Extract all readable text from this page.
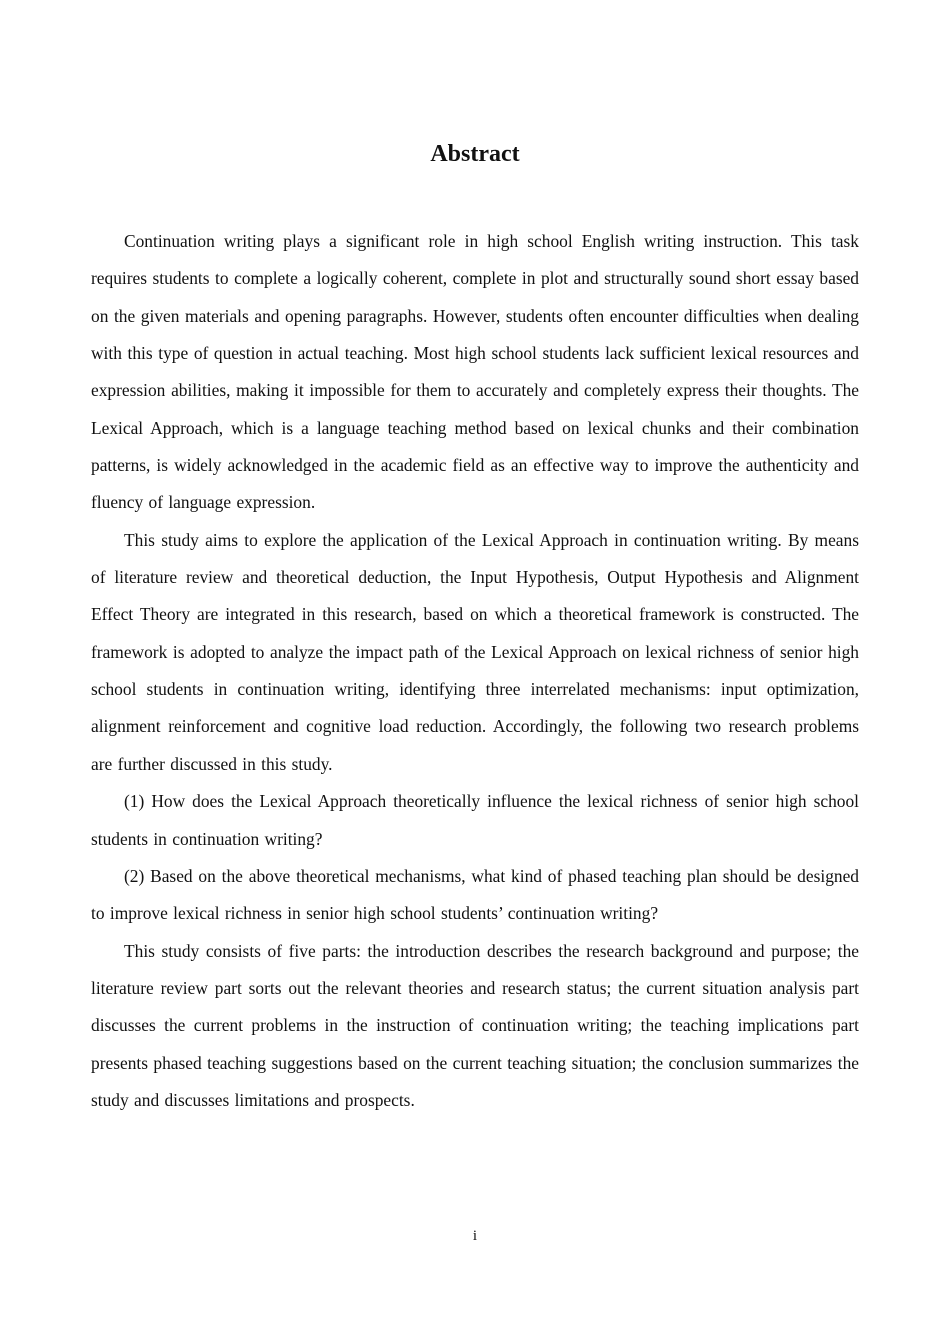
Abstract

Continuation writing plays a significant role in high school English writing instruction. This task requires students to complete a logically coherent, complete in plot and structurally sound short essay based on the given materials and opening paragraphs. However, students often encounter difficulties when dealing with this type of question in actual teaching. Most high school students lack sufficient lexical resources and expression abilities, making it impossible for them to accurately and completely express their thoughts. The Lexical Approach, which is a language teaching method based on lexical chunks and their combination patterns, is widely acknowledged in the academic field as an effective way to improve the authenticity and fluency of language expression.

This study aims to explore the application of the Lexical Approach in continuation writing. By means of literature review and theoretical deduction, the Input Hypothesis, Output Hypothesis and Alignment Effect Theory are integrated in this research, based on which a theoretical framework is constructed. The framework is adopted to analyze the impact path of the Lexical Approach on lexical richness of senior high school students in continuation writing, identifying three interrelated mechanisms: input optimization, alignment reinforcement and cognitive load reduction. Accordingly, the following two research problems are further discussed in this study.

(1) How does the Lexical Approach theoretically influence the lexical richness of senior high school students in continuation writing?

(2) Based on the above theoretical mechanisms, what kind of phased teaching plan should be designed to improve lexical richness in senior high school students’ continuation writing?

This study consists of five parts: the introduction describes the research background and purpose; the literature review part sorts out the relevant theories and research status; the current situation analysis part discusses the current problems in the instruction of continuation writing; the teaching implications part presents phased teaching suggestions based on the current teaching situation; the conclusion summarizes the study and discusses limitations and prospects.

i
